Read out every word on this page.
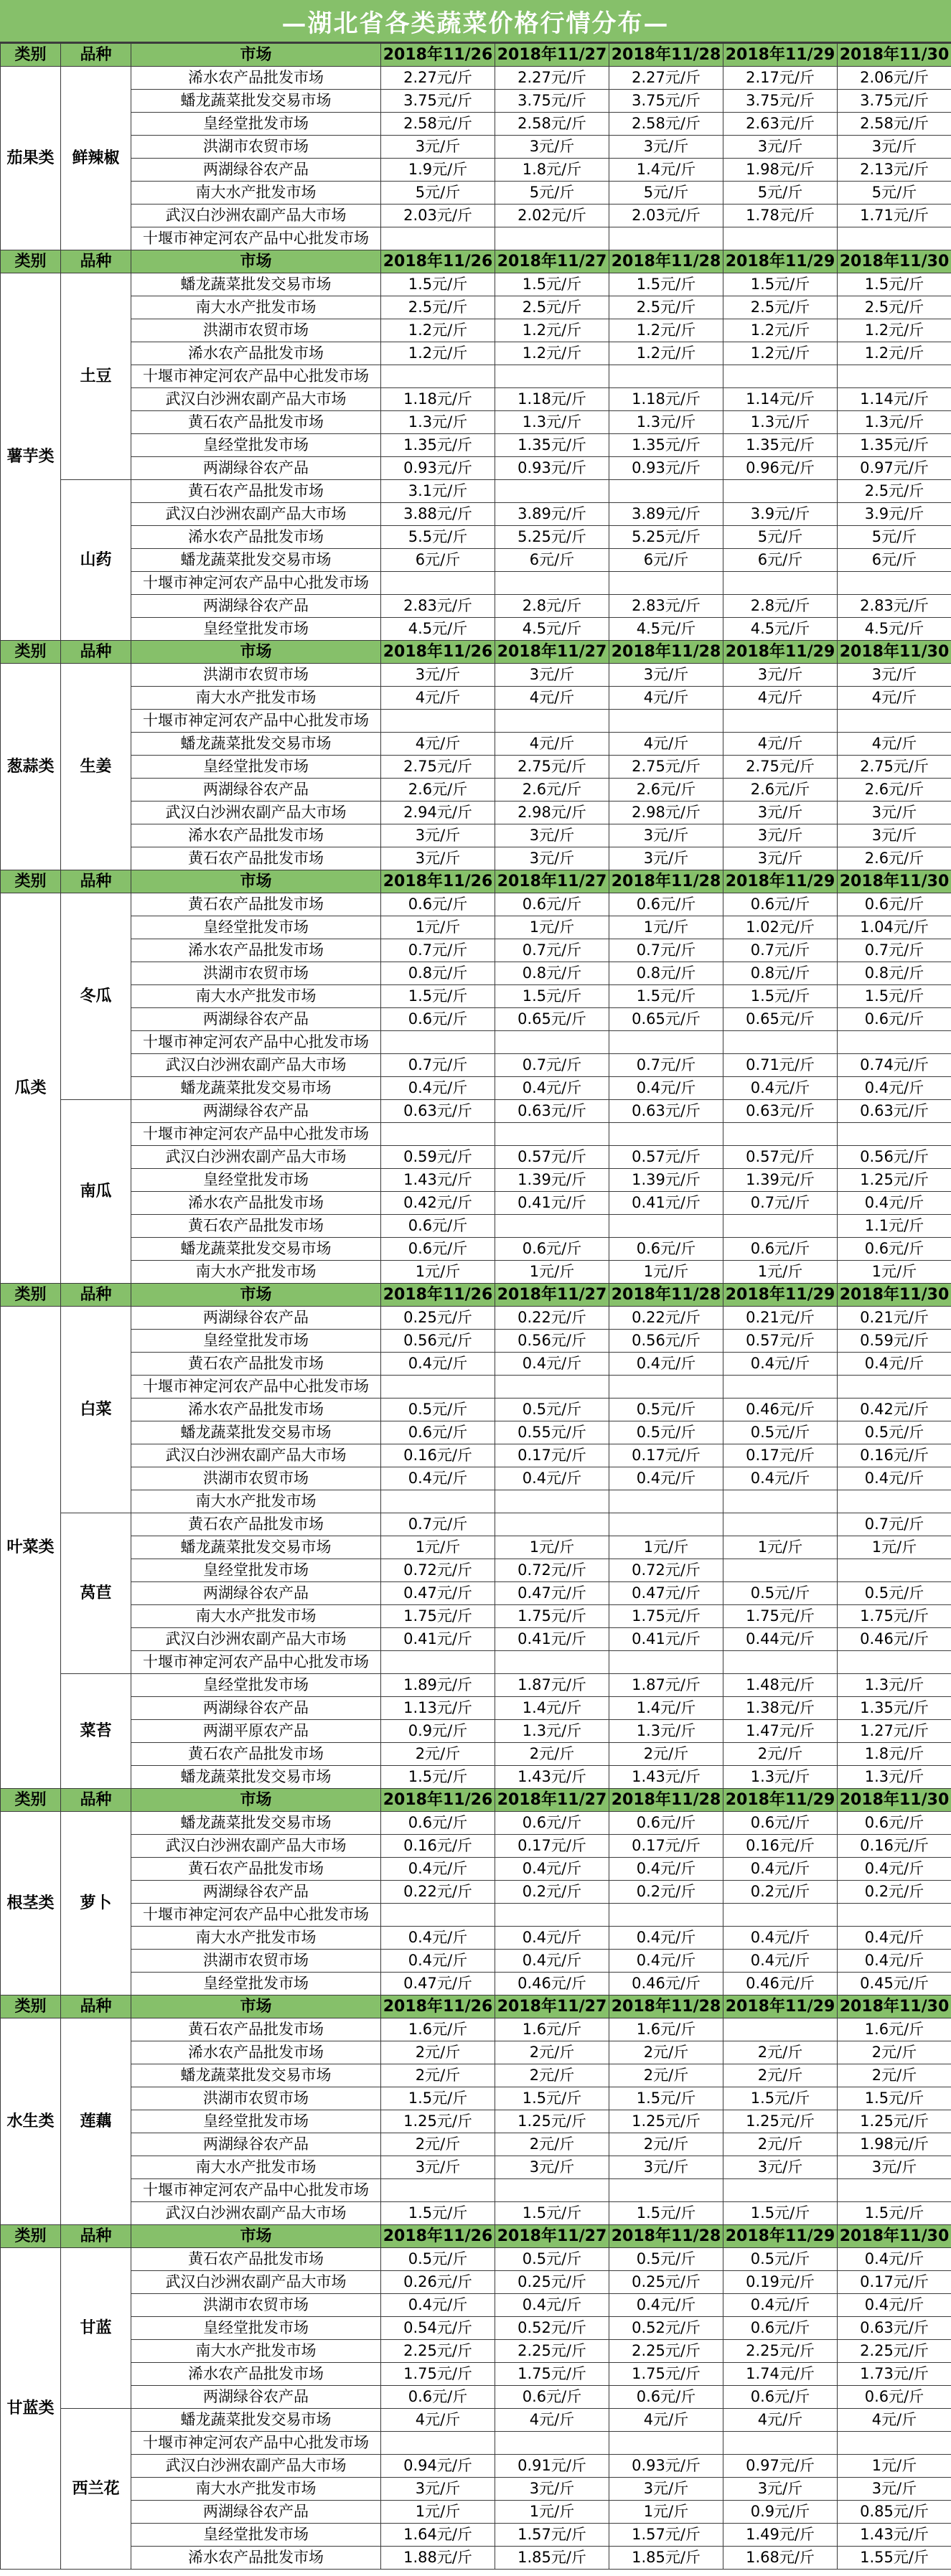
—湖北省各类蔬菜价格行情分布—
类别	品种	市场	2018年11/26	2018年11/27	2018年11/28	2018年11/29	2018年11/30
茄果类	鲜辣椒	浠水农产品批发市场	2.27元/斤	2.27元/斤	2.27元/斤	2.17元/斤	2.06元/斤
		蟠龙蔬菜批发交易市场	3.75元/斤	3.75元/斤	3.75元/斤	3.75元/斤	3.75元/斤
		皇经堂批发市场	2.58元/斤	2.58元/斤	2.58元/斤	2.63元/斤	2.58元/斤
		洪湖市农贸市场	3元/斤	3元/斤	3元/斤	3元/斤	3元/斤
		两湖绿谷农产品	1.9元/斤	1.8元/斤	1.4元/斤	1.98元/斤	2.13元/斤
		南大水产批发市场	5元/斤	5元/斤	5元/斤	5元/斤	5元/斤
		武汉白沙洲农副产品大市场	2.03元/斤	2.02元/斤	2.03元/斤	1.78元/斤	1.71元/斤
		十堰市神定河农产品中心批发市场					
类别	品种	市场	2018年11/26	2018年11/27	2018年11/28	2018年11/29	2018年11/30
薯芋类	土豆	蟠龙蔬菜批发交易市场	1.5元/斤	1.5元/斤	1.5元/斤	1.5元/斤	1.5元/斤
		南大水产批发市场	2.5元/斤	2.5元/斤	2.5元/斤	2.5元/斤	2.5元/斤
		洪湖市农贸市场	1.2元/斤	1.2元/斤	1.2元/斤	1.2元/斤	1.2元/斤
		浠水农产品批发市场	1.2元/斤	1.2元/斤	1.2元/斤	1.2元/斤	1.2元/斤
		十堰市神定河农产品中心批发市场					
		武汉白沙洲农副产品大市场	1.18元/斤	1.18元/斤	1.18元/斤	1.14元/斤	1.14元/斤
		黄石农产品批发市场	1.3元/斤	1.3元/斤	1.3元/斤	1.3元/斤	1.3元/斤
		皇经堂批发市场	1.35元/斤	1.35元/斤	1.35元/斤	1.35元/斤	1.35元/斤
		两湖绿谷农产品	0.93元/斤	0.93元/斤	0.93元/斤	0.96元/斤	0.97元/斤
	山药	黄石农产品批发市场	3.1元/斤				2.5元/斤
		武汉白沙洲农副产品大市场	3.88元/斤	3.89元/斤	3.89元/斤	3.9元/斤	3.9元/斤
		浠水农产品批发市场	5.5元/斤	5.25元/斤	5.25元/斤	5元/斤	5元/斤
		蟠龙蔬菜批发交易市场	6元/斤	6元/斤	6元/斤	6元/斤	6元/斤
		十堰市神定河农产品中心批发市场					
		两湖绿谷农产品	2.83元/斤	2.8元/斤	2.83元/斤	2.8元/斤	2.83元/斤
		皇经堂批发市场	4.5元/斤	4.5元/斤	4.5元/斤	4.5元/斤	4.5元/斤
类别	品种	市场	2018年11/26	2018年11/27	2018年11/28	2018年11/29	2018年11/30
葱蒜类	生姜	洪湖市农贸市场	3元/斤	3元/斤	3元/斤	3元/斤	3元/斤
		南大水产批发市场	4元/斤	4元/斤	4元/斤	4元/斤	4元/斤
		十堰市神定河农产品中心批发市场					
		蟠龙蔬菜批发交易市场	4元/斤	4元/斤	4元/斤	4元/斤	4元/斤
		皇经堂批发市场	2.75元/斤	2.75元/斤	2.75元/斤	2.75元/斤	2.75元/斤
		两湖绿谷农产品	2.6元/斤	2.6元/斤	2.6元/斤	2.6元/斤	2.6元/斤
		武汉白沙洲农副产品大市场	2.94元/斤	2.98元/斤	2.98元/斤	3元/斤	3元/斤
		浠水农产品批发市场	3元/斤	3元/斤	3元/斤	3元/斤	3元/斤
		黄石农产品批发市场	3元/斤	3元/斤	3元/斤	3元/斤	2.6元/斤
类别	品种	市场	2018年11/26	2018年11/27	2018年11/28	2018年11/29	2018年11/30
瓜类	冬瓜	黄石农产品批发市场	0.6元/斤	0.6元/斤	0.6元/斤	0.6元/斤	0.6元/斤
		皇经堂批发市场	1元/斤	1元/斤	1元/斤	1.02元/斤	1.04元/斤
		浠水农产品批发市场	0.7元/斤	0.7元/斤	0.7元/斤	0.7元/斤	0.7元/斤
		洪湖市农贸市场	0.8元/斤	0.8元/斤	0.8元/斤	0.8元/斤	0.8元/斤
		南大水产批发市场	1.5元/斤	1.5元/斤	1.5元/斤	1.5元/斤	1.5元/斤
		两湖绿谷农产品	0.6元/斤	0.65元/斤	0.65元/斤	0.65元/斤	0.6元/斤
		十堰市神定河农产品中心批发市场					
		武汉白沙洲农副产品大市场	0.7元/斤	0.7元/斤	0.7元/斤	0.71元/斤	0.74元/斤
		蟠龙蔬菜批发交易市场	0.4元/斤	0.4元/斤	0.4元/斤	0.4元/斤	0.4元/斤
	南瓜	两湖绿谷农产品	0.63元/斤	0.63元/斤	0.63元/斤	0.63元/斤	0.63元/斤
		十堰市神定河农产品中心批发市场					
		武汉白沙洲农副产品大市场	0.59元/斤	0.57元/斤	0.57元/斤	0.57元/斤	0.56元/斤
		皇经堂批发市场	1.43元/斤	1.39元/斤	1.39元/斤	1.39元/斤	1.25元/斤
		浠水农产品批发市场	0.42元/斤	0.41元/斤	0.41元/斤	0.7元/斤	0.4元/斤
		黄石农产品批发市场	0.6元/斤				1.1元/斤
		蟠龙蔬菜批发交易市场	0.6元/斤	0.6元/斤	0.6元/斤	0.6元/斤	0.6元/斤
		南大水产批发市场	1元/斤	1元/斤	1元/斤	1元/斤	1元/斤
类别	品种	市场	2018年11/26	2018年11/27	2018年11/28	2018年11/29	2018年11/30
叶菜类	白菜	两湖绿谷农产品	0.25元/斤	0.22元/斤	0.22元/斤	0.21元/斤	0.21元/斤
		皇经堂批发市场	0.56元/斤	0.56元/斤	0.56元/斤	0.57元/斤	0.59元/斤
		黄石农产品批发市场	0.4元/斤	0.4元/斤	0.4元/斤	0.4元/斤	0.4元/斤
		十堰市神定河农产品中心批发市场					
		浠水农产品批发市场	0.5元/斤	0.5元/斤	0.5元/斤	0.46元/斤	0.42元/斤
		蟠龙蔬菜批发交易市场	0.6元/斤	0.55元/斤	0.5元/斤	0.5元/斤	0.5元/斤
		武汉白沙洲农副产品大市场	0.16元/斤	0.17元/斤	0.17元/斤	0.17元/斤	0.16元/斤
		洪湖市农贸市场	0.4元/斤	0.4元/斤	0.4元/斤	0.4元/斤	0.4元/斤
		南大水产批发市场					
	莴苣	黄石农产品批发市场	0.7元/斤				0.7元/斤
		蟠龙蔬菜批发交易市场	1元/斤	1元/斤	1元/斤	1元/斤	1元/斤
		皇经堂批发市场	0.72元/斤	0.72元/斤	0.72元/斤		
		两湖绿谷农产品	0.47元/斤	0.47元/斤	0.47元/斤	0.5元/斤	0.5元/斤
		南大水产批发市场	1.75元/斤	1.75元/斤	1.75元/斤	1.75元/斤	1.75元/斤
		武汉白沙洲农副产品大市场	0.41元/斤	0.41元/斤	0.41元/斤	0.44元/斤	0.46元/斤
		十堰市神定河农产品中心批发市场					
	菜苔	皇经堂批发市场	1.89元/斤	1.87元/斤	1.87元/斤	1.48元/斤	1.3元/斤
		两湖绿谷农产品	1.13元/斤	1.4元/斤	1.4元/斤	1.38元/斤	1.35元/斤
		两湖平原农产品	0.9元/斤	1.3元/斤	1.3元/斤	1.47元/斤	1.27元/斤
		黄石农产品批发市场	2元/斤	2元/斤	2元/斤	2元/斤	1.8元/斤
		蟠龙蔬菜批发交易市场	1.5元/斤	1.43元/斤	1.43元/斤	1.3元/斤	1.3元/斤
类别	品种	市场	2018年11/26	2018年11/27	2018年11/28	2018年11/29	2018年11/30
根茎类	萝卜	蟠龙蔬菜批发交易市场	0.6元/斤	0.6元/斤	0.6元/斤	0.6元/斤	0.6元/斤
		武汉白沙洲农副产品大市场	0.16元/斤	0.17元/斤	0.17元/斤	0.16元/斤	0.16元/斤
		黄石农产品批发市场	0.4元/斤	0.4元/斤	0.4元/斤	0.4元/斤	0.4元/斤
		两湖绿谷农产品	0.22元/斤	0.2元/斤	0.2元/斤	0.2元/斤	0.2元/斤
		十堰市神定河农产品中心批发市场					
		南大水产批发市场	0.4元/斤	0.4元/斤	0.4元/斤	0.4元/斤	0.4元/斤
		洪湖市农贸市场	0.4元/斤	0.4元/斤	0.4元/斤	0.4元/斤	0.4元/斤
		皇经堂批发市场	0.47元/斤	0.46元/斤	0.46元/斤	0.46元/斤	0.45元/斤
类别	品种	市场	2018年11/26	2018年11/27	2018年11/28	2018年11/29	2018年11/30
水生类	莲藕	黄石农产品批发市场	1.6元/斤	1.6元/斤	1.6元/斤		1.6元/斤
		浠水农产品批发市场	2元/斤	2元/斤	2元/斤	2元/斤	2元/斤
		蟠龙蔬菜批发交易市场	2元/斤	2元/斤	2元/斤	2元/斤	2元/斤
		洪湖市农贸市场	1.5元/斤	1.5元/斤	1.5元/斤	1.5元/斤	1.5元/斤
		皇经堂批发市场	1.25元/斤	1.25元/斤	1.25元/斤	1.25元/斤	1.25元/斤
		两湖绿谷农产品	2元/斤	2元/斤	2元/斤	2元/斤	1.98元/斤
		南大水产批发市场	3元/斤	3元/斤	3元/斤	3元/斤	3元/斤
		十堰市神定河农产品中心批发市场					
		武汉白沙洲农副产品大市场	1.5元/斤	1.5元/斤	1.5元/斤	1.5元/斤	1.5元/斤
类别	品种	市场	2018年11/26	2018年11/27	2018年11/28	2018年11/29	2018年11/30
甘蓝类	甘蓝	黄石农产品批发市场	0.5元/斤	0.5元/斤	0.5元/斤	0.5元/斤	0.4元/斤
		武汉白沙洲农副产品大市场	0.26元/斤	0.25元/斤	0.25元/斤	0.19元/斤	0.17元/斤
		洪湖市农贸市场	0.4元/斤	0.4元/斤	0.4元/斤	0.4元/斤	0.4元/斤
		皇经堂批发市场	0.54元/斤	0.52元/斤	0.52元/斤	0.6元/斤	0.63元/斤
		南大水产批发市场	2.25元/斤	2.25元/斤	2.25元/斤	2.25元/斤	2.25元/斤
		浠水农产品批发市场	1.75元/斤	1.75元/斤	1.75元/斤	1.74元/斤	1.73元/斤
		两湖绿谷农产品	0.6元/斤	0.6元/斤	0.6元/斤	0.6元/斤	0.6元/斤
	西兰花	蟠龙蔬菜批发交易市场	4元/斤	4元/斤	4元/斤	4元/斤	4元/斤
		十堰市神定河农产品中心批发市场					
		武汉白沙洲农副产品大市场	0.94元/斤	0.91元/斤	0.93元/斤	0.97元/斤	1元/斤
		南大水产批发市场	3元/斤	3元/斤	3元/斤	3元/斤	3元/斤
		两湖绿谷农产品	1元/斤	1元/斤	1元/斤	0.9元/斤	0.85元/斤
		皇经堂批发市场	1.64元/斤	1.57元/斤	1.57元/斤	1.49元/斤	1.43元/斤
		浠水农产品批发市场	1.88元/斤	1.85元/斤	1.85元/斤	1.68元/斤	1.55元/斤
